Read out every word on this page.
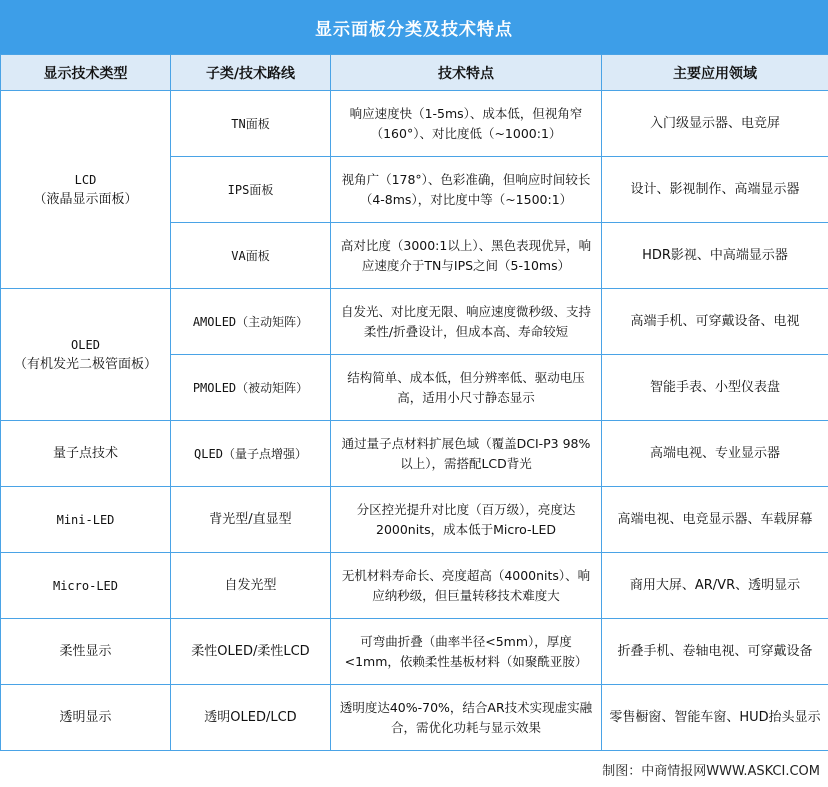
显示面板分类及技术特点
显示技术类型	子类/技术路线	技术特点	主要应用领域

LCD
（液晶显示面板）	TN面板	响应速度快（1-5ms）、成本低，但视角窄（160°）、对比度低（~1000:1）	入门级显示器、电竞屏
	IPS面板	视角广（178°）、色彩准确，但响应时间较长（4-8ms），对比度中等（~1500:1）	设计、影视制作、高端显示器
	VA面板	高对比度（3000:1以上）、黑色表现优异，响应速度介于TN与IPS之间（5-10ms）	HDR影视、中高端显示器

OLED
（有机发光二极管面板）	AMOLED（主动矩阵）	自发光、对比度无限、响应速度微秒级、支持柔性/折叠设计，但成本高、寿命较短	高端手机、可穿戴设备、电视
	PMOLED（被动矩阵）	结构简单、成本低，但分辨率低、驱动电压高，适用小尺寸静态显示	智能手表、小型仪表盘
量子点技术	QLED（量子点增强）	通过量子点材料扩展色域（覆盖DCI-P3 98%以上），需搭配LCD背光	高端电视、专业显示器
Mini-LED	背光型/直显型	分区控光提升对比度（百万级），亮度达2000nits，成本低于Micro-LED	高端电视、电竞显示器、车载屏幕
Micro-LED	自发光型	无机材料寿命长、亮度超高（4000nits）、响应纳秒级，但巨量转移技术难度大	商用大屏、AR/VR、透明显示
柔性显示	柔性OLED/柔性LCD	可弯曲折叠（曲率半径<5mm），厚度<1mm，依赖柔性基板材料（如聚酰亚胺）	折叠手机、卷轴电视、可穿戴设备
透明显示	透明OLED/LCD	透明度达40%-70%，结合AR技术实现虚实融合，需优化功耗与显示效果	零售橱窗、智能车窗、HUD抬头显示
制图：中商情报网WWW.ASKCI.COM
